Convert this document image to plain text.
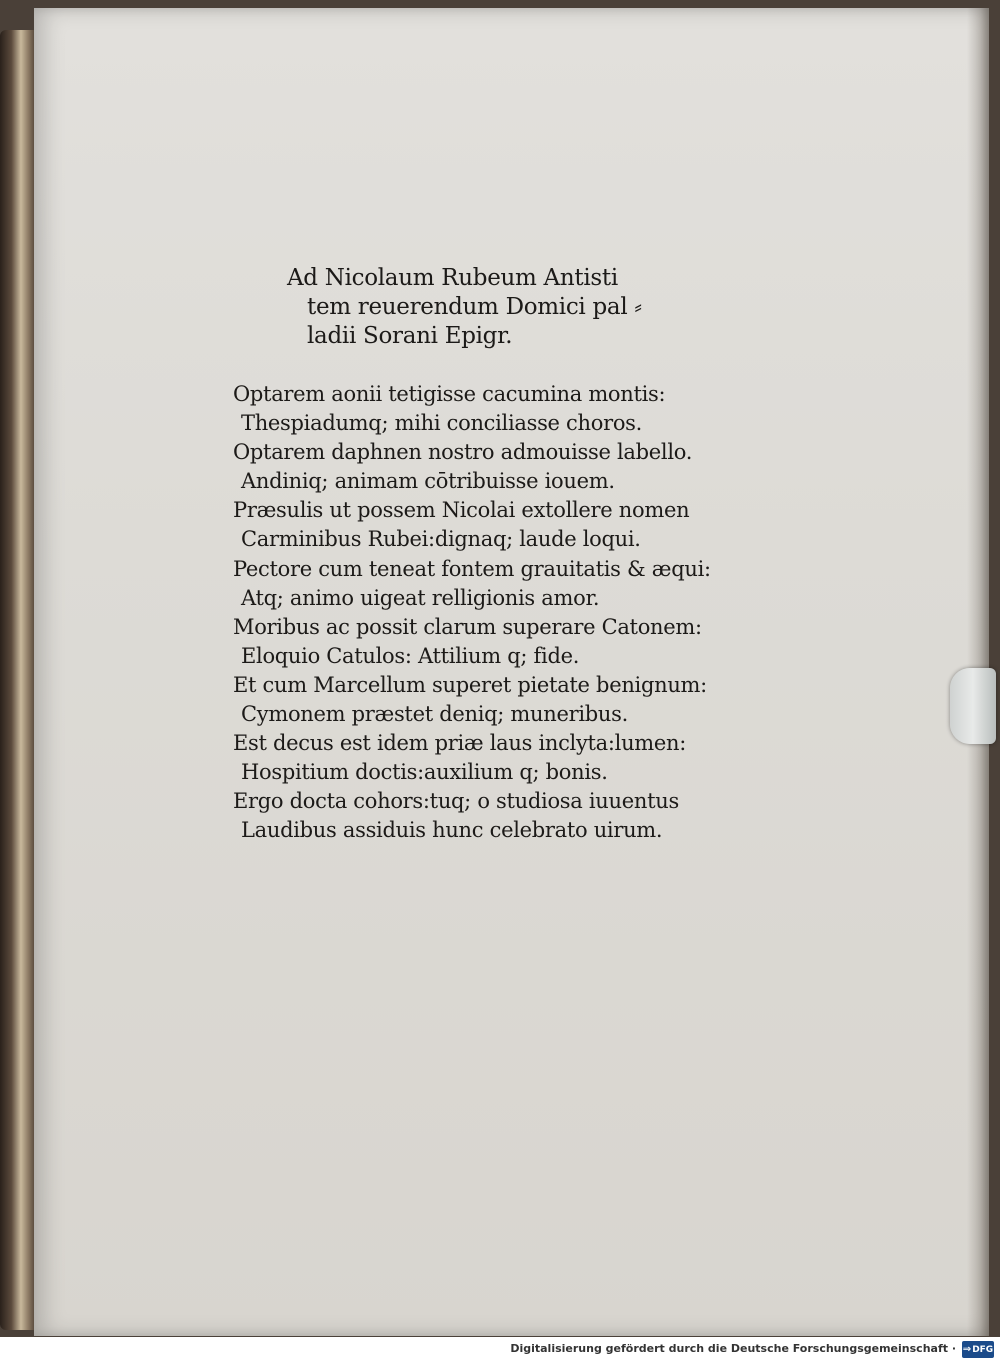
Ad Nicolaum Rubeum Antisti
tem reuerendum Domici pal ⸗
ladii Sorani Epigr.
Optarem aonii tetigisse cacumina montis:
Thespiadumq; mihi conciliasse choros.
Optarem daphnen nostro admouisse labello.
Andiniq; animam cōtribuisse iouem.
Præsulis ut possem Nicolai extollere nomen
Carminibus Rubei:dignaq; laude loqui.
Pectore cum teneat fontem grauitatis & æqui:
Atq; animo uigeat relligionis amor.
Moribus ac possit clarum superare Catonem:
Eloquio Catulos: Attilium q; fide.
Et cum Marcellum superet pietate benignum:
Cymonem præstet deniq; muneribus.
Est decus est idem priæ laus inclyta:lumen:
Hospitium doctis:auxilium q; bonis.
Ergo docta cohors:tuq; o studiosa iuuentus
Laudibus assiduis hunc celebrato uirum.
Digitalisierung gefördert durch die Deutsche Forschungsgemeinschaft · ⇒ DFG
